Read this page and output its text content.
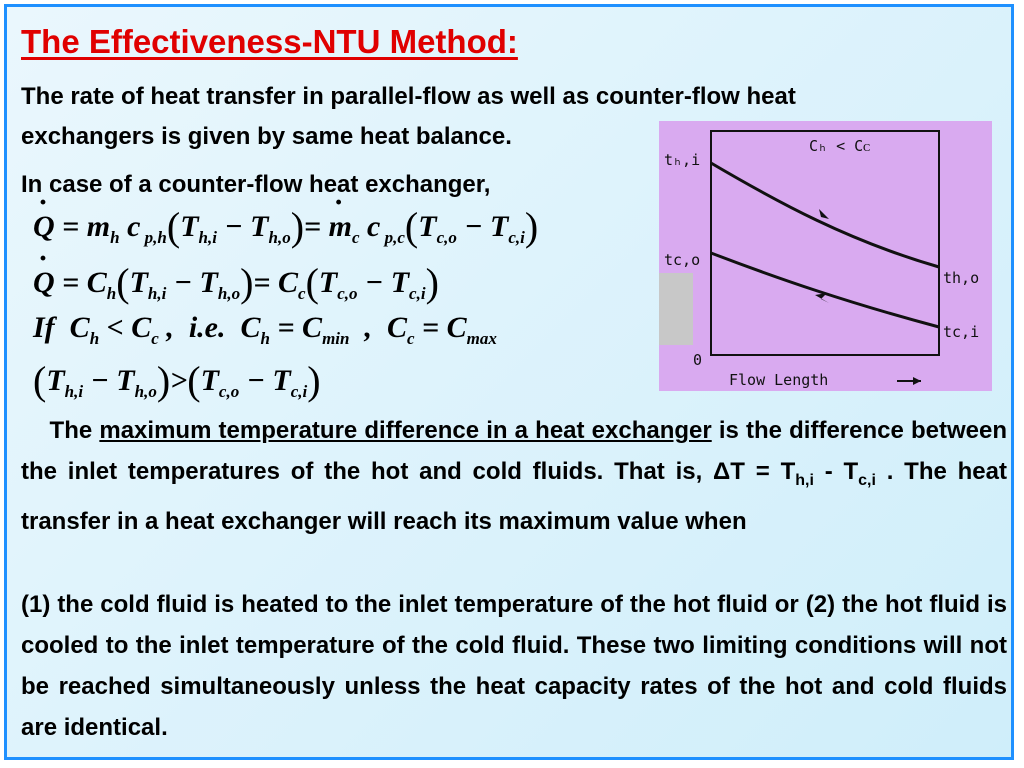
The Effectiveness-NTU Method:
The rate of heat transfer in parallel-flow as well as counter-flow heat
exchangers is given by same heat balance.
In case of a counter-flow heat exchanger,
· $Q = m_h$ c $_{p,h}(T_{h,i} - T_{h,o})= \cdot m_c$ c $_{p,c}(T_{c,o} - T_{c,i})$
· $Q = C_h(T_{h,i} - T_{h,o})= C_c(T_{c,o} - T_{c,i})$
If  $C_h < C_c$ ,  i.e.  $C_h = C_{min}$  ,  $C_c = C_{max}$
$(T_{h,i} - T_{h,o})>(T_{c,o} - T_{c,i})$
Cₕ < Cᴄ
tₕ,i
tc,o
th,o
tc,i
0
Flow Length
The maximum temperature difference in a heat exchanger is the difference between the inlet temperatures of the hot and cold fluids. That is, $\Delta T = T_{h,i} - T_{c,i}$ . The heat transfer in a heat exchanger will reach its maximum value when
(1) the cold fluid is heated to the inlet temperature of the hot fluid or (2) the hot fluid is cooled to the inlet temperature of the cold fluid. These two limiting conditions will not be reached simultaneously unless the heat capacity rates of the hot and cold fluids are identical.
